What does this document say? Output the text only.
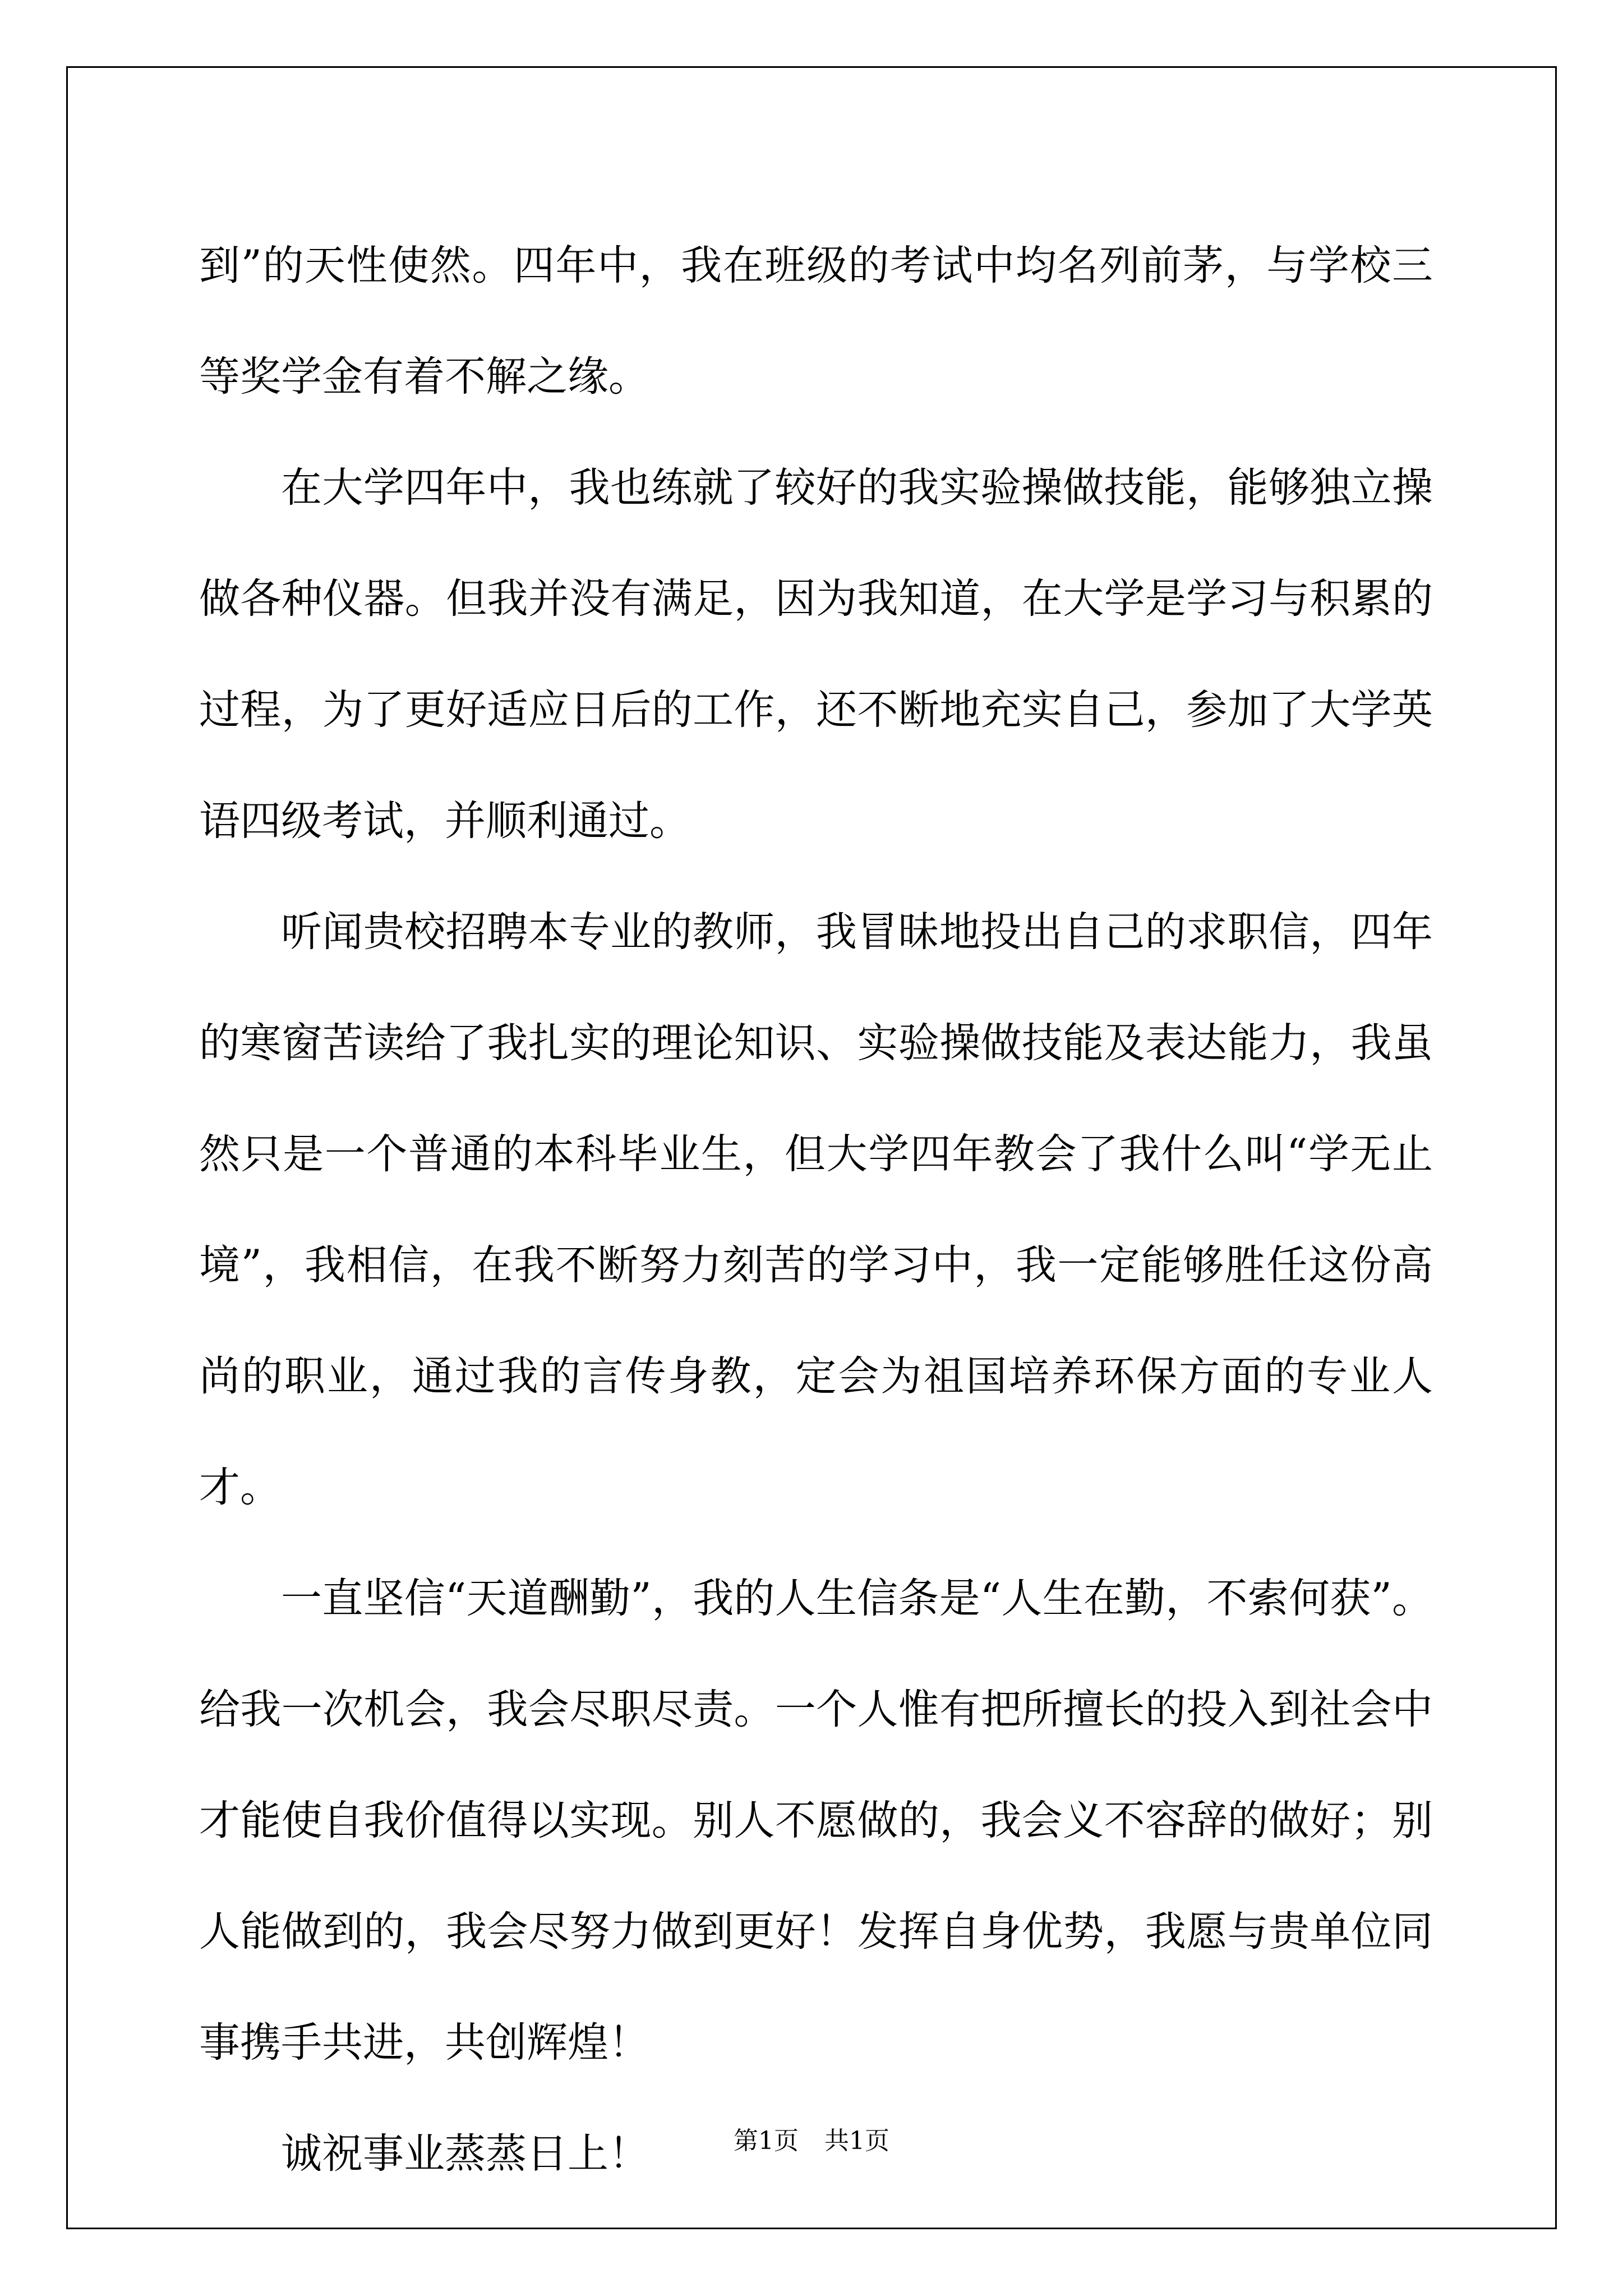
到”的天性使然。四年中，我在班级的考试中均名列前茅，与学校三等奖学金有着不解之缘。

在大学四年中，我也练就了较好的我实验操做技能，能够独立操做各种仪器。但我并没有满足，因为我知道，在大学是学习与积累的过程，为了更好适应日后的工作，还不断地充实自己，参加了大学英语四级考试，并顺利通过。

听闻贵校招聘本专业的教师，我冒昧地投出自己的求职信，四年的寒窗苦读给了我扎实的理论知识、实验操做技能及表达能力，我虽然只是一个普通的本科毕业生，但大学四年教会了我什么叫“学无止境”，我相信，在我不断努力刻苦的学习中，我一定能够胜任这份高尚的职业，通过我的言传身教，定会为祖国培养环保方面的专业人才。

一直坚信“天道酬勤”，我的人生信条是“人生在勤，不索何获”。给我一次机会，我会尽职尽责。一个人惟有把所擅长的投入到社会中才能使自我价值得以实现。别人不愿做的，我会义不容辞的做好；别人能做到的，我会尽努力做到更好！发挥自身优势，我愿与贵单位同事携手共进，共创辉煌！

诚祝事业蒸蒸日上！	第1页 共1页
